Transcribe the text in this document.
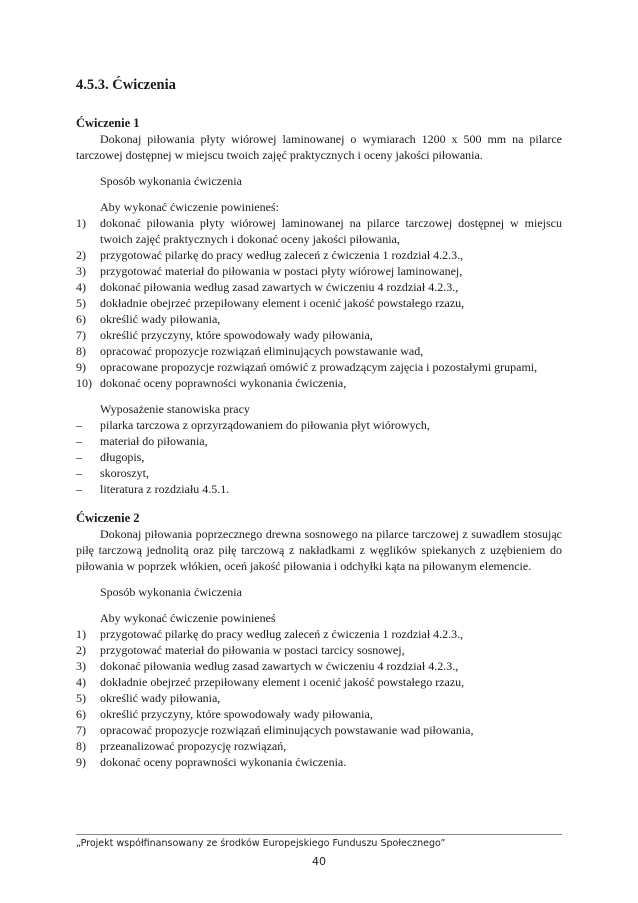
4.5.3. Ćwiczenia
Ćwiczenie 1

Dokonaj piłowania płyty wiórowej laminowanej o wymiarach 1200 x 500 mm na pilarce tarczowej dostępnej w miejscu twoich zajęć praktycznych i oceny jakości piłowania.

Sposób wykonania ćwiczenia

Aby wykonać ćwiczenie powinieneś:

1) dokonać piłowania płyty wiórowej laminowanej na pilarce tarczowej dostępnej w miejscu twoich zajęć praktycznych i dokonać oceny jakości piłowania,
2) przygotować pilarkę do pracy według zaleceń z ćwiczenia 1 rozdział 4.2.3.,
3) przygotować materiał do piłowania w postaci płyty wiórowej laminowanej,
4) dokonać piłowania według zasad zawartych w ćwiczeniu 4 rozdział 4.2.3.,
5) dokładnie obejrzeć przepiłowany element i ocenić jakość powstałego rzazu,
6) określić wady piłowania,
7) określić przyczyny, które spowodowały wady piłowania,
8) opracować propozycje rozwiązań eliminujących powstawanie wad,
9) opracowane propozycje rozwiązań omówić z prowadzącym zajęcia i pozostałymi grupami,
10) dokonać oceny poprawności wykonania ćwiczenia,

Wyposażenie stanowiska pracy

– pilarka tarczowa z oprzyrządowaniem do piłowania płyt wiórowych,
– materiał do piłowania,
– długopis,
– skoroszyt,
– literatura z rozdziału 4.5.1.
Ćwiczenie 2

Dokonaj piłowania poprzecznego drewna sosnowego na pilarce tarczowej z suwadłem stosując piłę tarczową jednolitą oraz piłę tarczową z nakładkami z węglików spiekanych z uzębieniem do piłowania w poprzek włókien, oceń jakość piłowania i odchyłki kąta na piłowanym elemencie.

Sposób wykonania ćwiczenia

Aby wykonać ćwiczenie powinieneś

1) przygotować pilarkę do pracy według zaleceń z ćwiczenia 1 rozdział 4.2.3.,
2) przygotować materiał do piłowania w postaci tarcicy sosnowej,
3) dokonać piłowania według zasad zawartych w ćwiczeniu 4 rozdział 4.2.3.,
4) dokładnie obejrzeć przepiłowany element i ocenić jakość powstałego rzazu,
5) określić wady piłowania,
6) określić przyczyny, które spowodowały wady piłowania,
7) opracować propozycje rozwiązań eliminujących powstawanie wad piłowania,
8) przeanalizować propozycję rozwiązań,
9) dokonać oceny poprawności wykonania ćwiczenia.
„Projekt współfinansowany ze środków Europejskiego Funduszu Społecznego”
40
